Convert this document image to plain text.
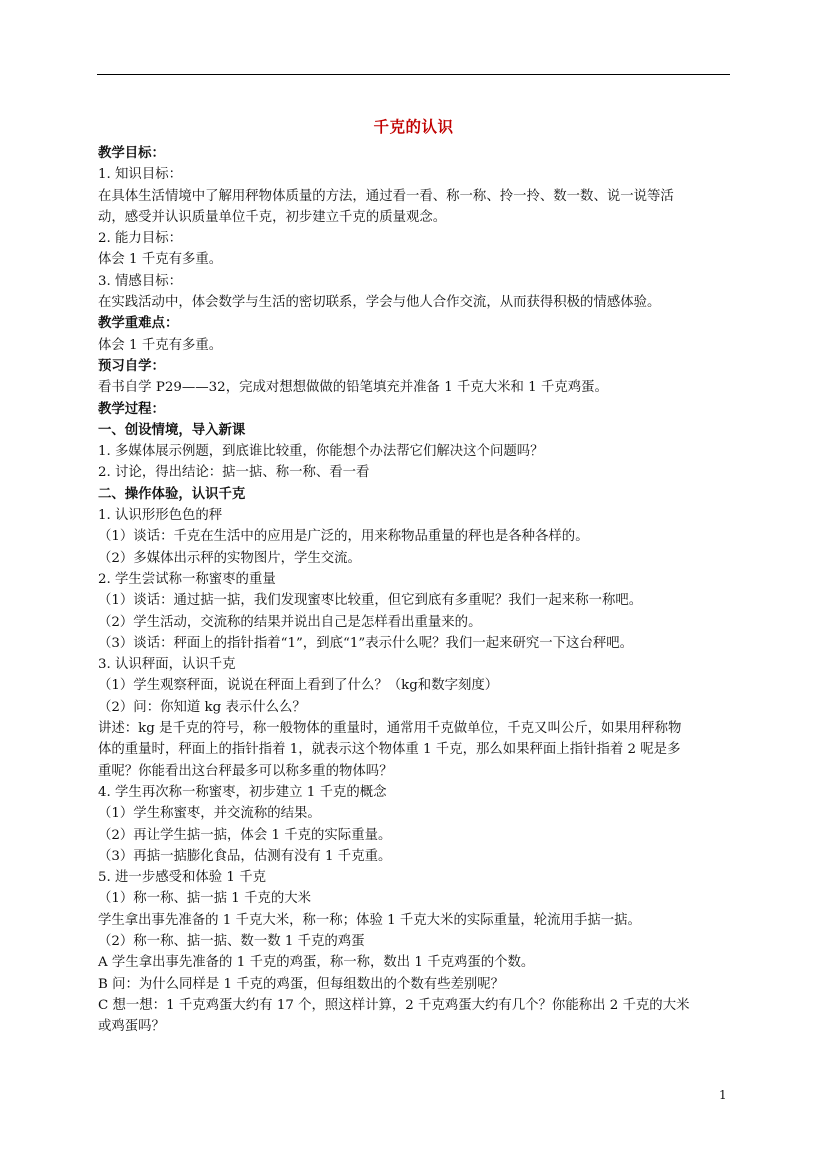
千克的认识

教学目标：

1. 知识目标：

在具体生活情境中了解用秤物体质量的方法，通过看一看、称一称、拎一拎、数一数、说一说等活

动，感受并认识质量单位千克，初步建立千克的质量观念。

2. 能力目标：

体会 1 千克有多重。

3. 情感目标：

在实践活动中，体会数学与生活的密切联系，学会与他人合作交流，从而获得积极的情感体验。

教学重难点：

体会 1 千克有多重。

预习自学：

看书自学 P29——32，完成对想想做做的铅笔填充并准备 1 千克大米和 1 千克鸡蛋。

教学过程：

一、创设情境，导入新课

1. 多媒体展示例题，到底谁比较重，你能想个办法帮它们解决这个问题吗？

2. 讨论，得出结论：掂一掂、称一称、看一看

二、操作体验，认识千克

1. 认识形形色色的秤

（1）谈话：千克在生活中的应用是广泛的，用来称物品重量的秤也是各种各样的。

（2）多媒体出示秤的实物图片，学生交流。

2. 学生尝试称一称蜜枣的重量

（1）谈话：通过掂一掂，我们发现蜜枣比较重，但它到底有多重呢？我们一起来称一称吧。

（2）学生活动，交流称的结果并说出自己是怎样看出重量来的。

（3）谈话：秤面上的指针指着“1”，到底“1”表示什么呢？我们一起来研究一下这台秤吧。

3. 认识秤面，认识千克

（1）学生观察秤面，说说在秤面上看到了什么？（kg和数字刻度）

（2）问：你知道 kg 表示什么么？

讲述：kg 是千克的符号，称一般物体的重量时，通常用千克做单位，千克又叫公斤，如果用秤称物

体的重量时，秤面上的指针指着 1，就表示这个物体重 1 千克，那么如果秤面上指针指着 2 呢是多

重呢？你能看出这台秤最多可以称多重的物体吗？

4. 学生再次称一称蜜枣，初步建立 1 千克的概念

（1）学生称蜜枣，并交流称的结果。

（2）再让学生掂一掂，体会 1 千克的实际重量。

（3）再掂一掂膨化食品，估测有没有 1 千克重。

5. 进一步感受和体验 1 千克

（1）称一称、掂一掂 1 千克的大米

学生拿出事先准备的 1 千克大米，称一称；体验 1 千克大米的实际重量，轮流用手掂一掂。

（2）称一称、掂一掂、数一数 1 千克的鸡蛋

A 学生拿出事先准备的 1 千克的鸡蛋，称一称，数出 1 千克鸡蛋的个数。

B 问：为什么同样是 1 千克的鸡蛋，但每组数出的个数有些差别呢？

C 想一想：1 千克鸡蛋大约有 17 个，照这样计算，2 千克鸡蛋大约有几个？你能称出 2 千克的大米

或鸡蛋吗？

1
